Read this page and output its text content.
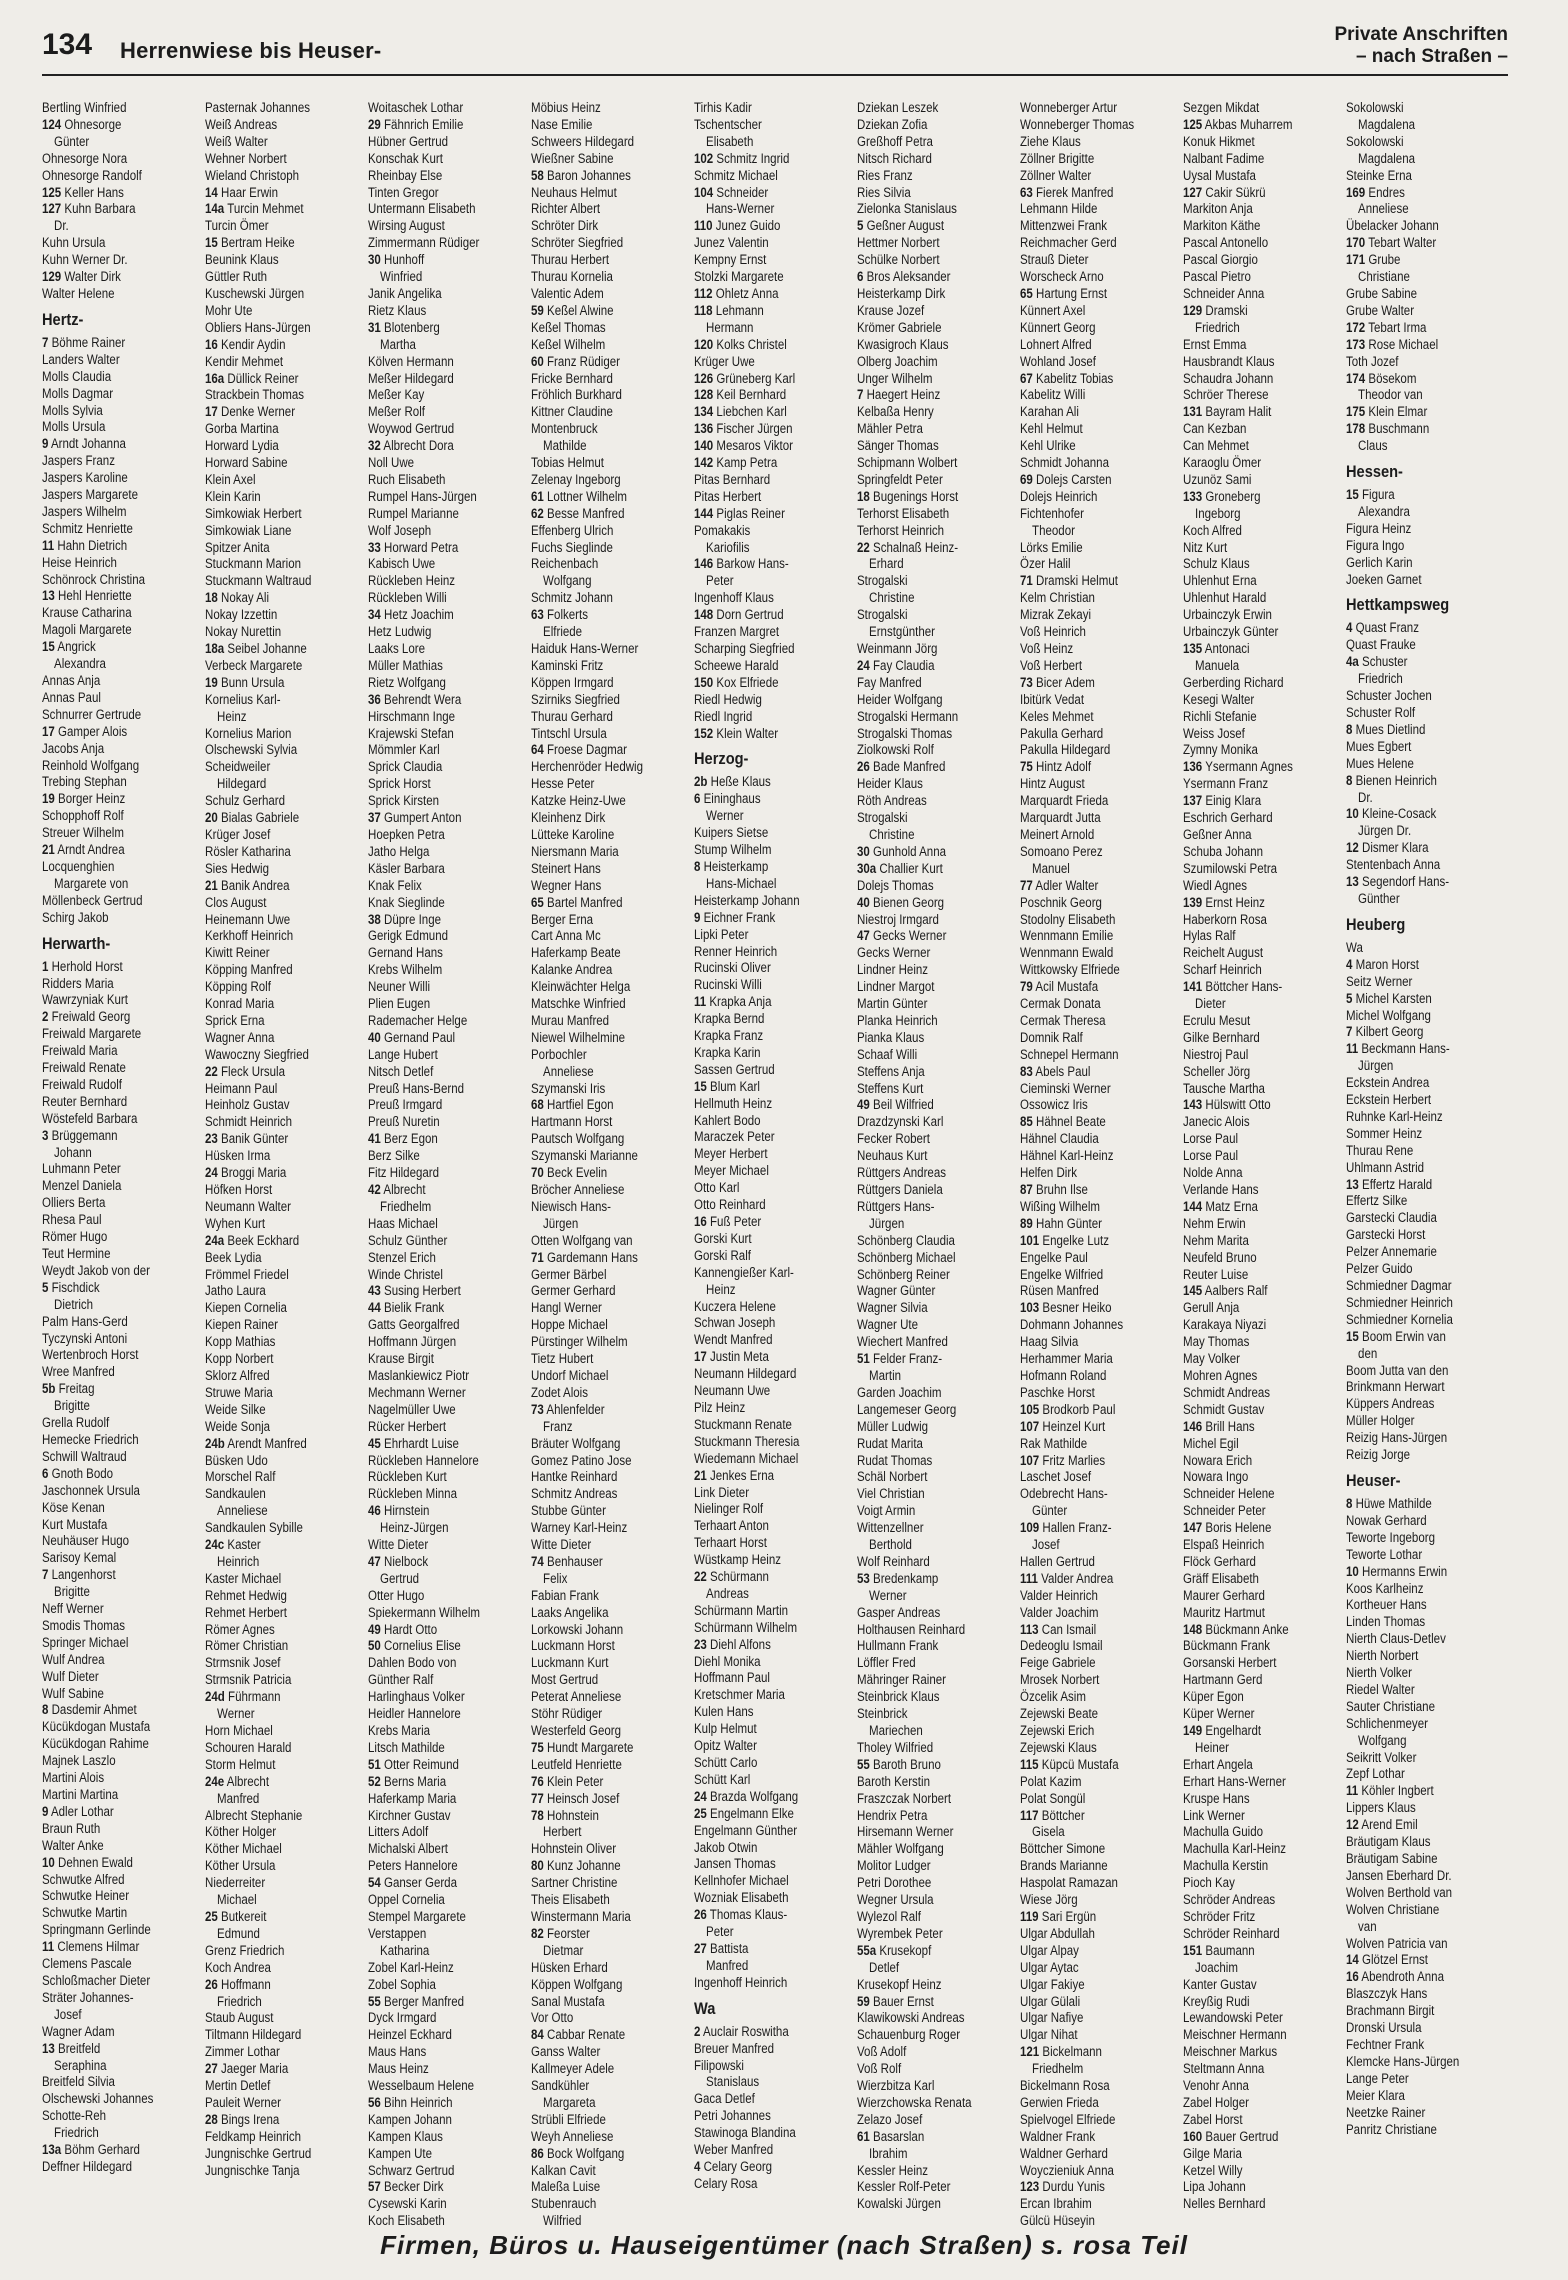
134 Herrenwiese bis Heuser-
Private Anschriften
– nach Straßen –
Bertling Winfried
124 Ohnesorge
Günter
Ohnesorge Nora
Ohnesorge Randolf
125 Keller Hans
127 Kuhn Barbara
Dr.
Kuhn Ursula
Kuhn Werner Dr.
129 Walter Dirk
Walter Helene
Hertz-
7 Böhme Rainer
Landers Walter
Molls Claudia
Molls Dagmar
Molls Sylvia
Molls Ursula
9 Arndt Johanna
Jaspers Franz
Jaspers Karoline
Jaspers Margarete
Jaspers Wilhelm
Schmitz Henriette
11 Hahn Dietrich
Heise Heinrich
Schönrock Christina
13 Hehl Henriette
Krause Catharina
Magoli Margarete
15 Angrick
Alexandra
Annas Anja
Annas Paul
Schnurrer Gertrude
17 Gamper Alois
Jacobs Anja
Reinhold Wolfgang
Trebing Stephan
19 Borger Heinz
Schopphoff Rolf
Streuer Wilhelm
21 Arndt Andrea
Locquenghien
Margarete von
Möllenbeck Gertrud
Schirg Jakob
Herwarth-
1 Herhold Horst
Ridders Maria
Wawrzyniak Kurt
2 Freiwald Georg
Freiwald Margarete
Freiwald Maria
Freiwald Renate
Freiwald Rudolf
Reuter Bernhard
Wöstefeld Barbara
3 Brüggemann
Johann
Luhmann Peter
Menzel Daniela
Olliers Berta
Rhesa Paul
Römer Hugo
Teut Hermine
Weydt Jakob von der
5 Fischdick
Dietrich
Palm Hans-Gerd
Tyczynski Antoni
Wertenbroch Horst
Wree Manfred
5b Freitag
Brigitte
Grella Rudolf
Hemecke Friedrich
Schwill Waltraud
6 Gnoth Bodo
Jaschonnek Ursula
Köse Kenan
Kurt Mustafa
Neuhäuser Hugo
Sarisoy Kemal
7 Langenhorst
Brigitte
Neff Werner
Smodis Thomas
Springer Michael
Wulf Andrea
Wulf Dieter
Wulf Sabine
8 Dasdemir Ahmet
Kücükdogan Mustafa
Kücükdogan Rahime
Majnek Laszlo
Martini Alois
Martini Martina
9 Adler Lothar
Braun Ruth
Walter Anke
10 Dehnen Ewald
Schwutke Alfred
Schwutke Heiner
Schwutke Martin
Springmann Gerlinde
11 Clemens Hilmar
Clemens Pascale
Schloßmacher Dieter
Sträter Johannes-
Josef
Wagner Adam
13 Breitfeld
Seraphina
Breitfeld Silvia
Olschewski Johannes
Schotte-Reh
Friedrich
13a Böhm Gerhard
Deffner Hildegard
Pasternak Johannes
Weiß Andreas
Weiß Walter
Wehner Norbert
Wieland Christoph
14 Haar Erwin
14a Turcin Mehmet
Turcin Ömer
15 Bertram Heike
Beunink Klaus
Güttler Ruth
Kuschewski Jürgen
Mohr Ute
Obliers Hans-Jürgen
16 Kendir Aydin
Kendir Mehmet
16a Düllick Reiner
Strackbein Thomas
17 Denke Werner
Gorba Martina
Horward Lydia
Horward Sabine
Klein Axel
Klein Karin
Simkowiak Herbert
Simkowiak Liane
Spitzer Anita
Stuckmann Marion
Stuckmann Waltraud
18 Nokay Ali
Nokay Izzettin
Nokay Nurettin
18a Seibel Johanne
Verbeck Margarete
19 Bunn Ursula
Kornelius Karl-
Heinz
Kornelius Marion
Olschewski Sylvia
Scheidweiler
Hildegard
Schulz Gerhard
20 Bialas Gabriele
Krüger Josef
Rösler Katharina
Sies Hedwig
21 Banik Andrea
Clos August
Heinemann Uwe
Kerkhoff Heinrich
Kiwitt Reiner
Köpping Manfred
Köpping Rolf
Konrad Maria
Sprick Erna
Wagner Anna
Wawoczny Siegfried
22 Fleck Ursula
Heimann Paul
Heinholz Gustav
Schmidt Heinrich
23 Banik Günter
Hüsken Irma
24 Broggi Maria
Höfken Horst
Neumann Walter
Wyhen Kurt
24a Beek Eckhard
Beek Lydia
Frömmel Friedel
Jatho Laura
Kiepen Cornelia
Kiepen Rainer
Kopp Mathias
Kopp Norbert
Sklorz Alfred
Struwe Maria
Weide Silke
Weide Sonja
24b Arendt Manfred
Büsken Udo
Morschel Ralf
Sandkaulen
Anneliese
Sandkaulen Sybille
24c Kaster
Heinrich
Kaster Michael
Rehmet Hedwig
Rehmet Herbert
Römer Agnes
Römer Christian
Strmsnik Josef
Strmsnik Patricia
24d Führmann
Werner
Horn Michael
Schouren Harald
Storm Helmut
24e Albrecht
Manfred
Albrecht Stephanie
Köther Holger
Köther Michael
Köther Ursula
Niederreiter
Michael
25 Butkereit
Edmund
Grenz Friedrich
Koch Andrea
26 Hoffmann
Friedrich
Staub August
Tiltmann Hildegard
Zimmer Lothar
27 Jaeger Maria
Mertin Detlef
Pauleit Werner
28 Bings Irena
Feldkamp Heinrich
Jungnischke Gertrud
Jungnischke Tanja
Woitaschek Lothar
29 Fähnrich Emilie
Hübner Gertrud
Konschak Kurt
Rheinbay Else
Tinten Gregor
Untermann Elisabeth
Wirsing August
Zimmermann Rüdiger
30 Hunhoff
Winfried
Janik Angelika
Rietz Klaus
31 Blotenberg
Martha
Kölven Hermann
Meßer Hildegard
Meßer Kay
Meßer Rolf
Woywod Gertrud
32 Albrecht Dora
Noll Uwe
Ruch Elisabeth
Rumpel Hans-Jürgen
Rumpel Marianne
Wolf Joseph
33 Horward Petra
Kabisch Uwe
Rückleben Heinz
Rückleben Willi
34 Hetz Joachim
Hetz Ludwig
Laaks Lore
Müller Mathias
Rietz Wolfgang
36 Behrendt Wera
Hirschmann Inge
Krajewski Stefan
Mömmler Karl
Sprick Claudia
Sprick Horst
Sprick Kirsten
37 Gumpert Anton
Hoepken Petra
Jatho Helga
Käsler Barbara
Knak Felix
Knak Sieglinde
38 Düpre Inge
Gerigk Edmund
Gernand Hans
Krebs Wilhelm
Neuner Willi
Plien Eugen
Rademacher Helge
40 Gernand Paul
Lange Hubert
Nitsch Detlef
Preuß Hans-Bernd
Preuß Irmgard
Preuß Nuretin
41 Berz Egon
Berz Silke
Fitz Hildegard
42 Albrecht
Friedhelm
Haas Michael
Schulz Günther
Stenzel Erich
Winde Christel
43 Susing Herbert
44 Bielik Frank
Gatts Georgalfred
Hoffmann Jürgen
Krause Birgit
Maslankiewicz Piotr
Mechmann Werner
Nagelmüller Uwe
Rücker Herbert
45 Ehrhardt Luise
Rückleben Hannelore
Rückleben Kurt
Rückleben Minna
46 Hirnstein
Heinz-Jürgen
Witte Dieter
47 Nielbock
Gertrud
Otter Hugo
Spiekermann Wilhelm
49 Hardt Otto
50 Cornelius Elise
Dahlen Bodo von
Günther Ralf
Harlinghaus Volker
Heidler Hannelore
Krebs Maria
Litsch Mathilde
51 Otter Reimund
52 Berns Maria
Haferkamp Maria
Kirchner Gustav
Litters Adolf
Michalski Albert
Peters Hannelore
54 Ganser Gerda
Oppel Cornelia
Stempel Margarete
Verstappen
Katharina
Zobel Karl-Heinz
Zobel Sophia
55 Berger Manfred
Dyck Irmgard
Heinzel Eckhard
Maus Hans
Maus Heinz
Wesselbaum Helene
56 Bihn Heinrich
Kampen Johann
Kampen Klaus
Kampen Ute
Schwarz Gertrud
57 Becker Dirk
Cysewski Karin
Koch Elisabeth
Möbius Heinz
Nase Emilie
Schweers Hildegard
Wießner Sabine
58 Baron Johannes
Neuhaus Helmut
Richter Albert
Schröter Dirk
Schröter Siegfried
Thurau Herbert
Thurau Kornelia
Valentic Adem
59 Keßel Alwine
Keßel Thomas
Keßel Wilhelm
60 Franz Rüdiger
Fricke Bernhard
Fröhlich Burkhard
Kittner Claudine
Montenbruck
Mathilde
Tobias Helmut
Zelenay Ingeborg
61 Lottner Wilhelm
62 Besse Manfred
Effenberg Ulrich
Fuchs Sieglinde
Reichenbach
Wolfgang
Schmitz Johann
63 Folkerts
Elfriede
Haiduk Hans-Werner
Kaminski Fritz
Köppen Irmgard
Szirniks Siegfried
Thurau Gerhard
Tintschl Ursula
64 Froese Dagmar
Herchenröder Hedwig
Hesse Peter
Katzke Heinz-Uwe
Kleinhenz Dirk
Lütteke Karoline
Niersmann Maria
Steinert Hans
Wegner Hans
65 Bartel Manfred
Berger Erna
Cart Anna Mc
Haferkamp Beate
Kalanke Andrea
Kleinwächter Helga
Matschke Winfried
Murau Manfred
Niewel Wilhelmine
Porbochler
Anneliese
Szymanski Iris
68 Hartfiel Egon
Hartmann Horst
Pautsch Wolfgang
Szymanski Marianne
70 Beck Evelin
Bröcher Anneliese
Niewisch Hans-
Jürgen
Otten Wolfgang van
71 Gardemann Hans
Germer Bärbel
Germer Gerhard
Hangl Werner
Hoppe Michael
Pürstinger Wilhelm
Tietz Hubert
Undorf Michael
Zodet Alois
73 Ahlenfelder
Franz
Bräuter Wolfgang
Gomez Patino Jose
Hantke Reinhard
Schmitz Andreas
Stubbe Günter
Warney Karl-Heinz
Witte Dieter
74 Benhauser
Felix
Fabian Frank
Laaks Angelika
Lorkowski Johann
Luckmann Horst
Luckmann Kurt
Most Gertrud
Peterat Anneliese
Stöhr Rüdiger
Westerfeld Georg
75 Hundt Margarete
Leutfeld Henriette
76 Klein Peter
77 Heinsch Josef
78 Hohnstein
Herbert
Hohnstein Oliver
80 Kunz Johanne
Sartner Christine
Theis Elisabeth
Winstermann Maria
82 Feorster
Dietmar
Hüsken Erhard
Köppen Wolfgang
Sanal Mustafa
Vor Otto
84 Cabbar Renate
Ganss Walter
Kallmeyer Adele
Sandkühler
Margareta
Strübli Elfriede
Weyh Anneliese
86 Bock Wolfgang
Kalkan Cavit
Maleßa Luise
Stubenrauch
Wilfried
Tirhis Kadir
Tschentscher
Elisabeth
102 Schmitz Ingrid
Schmitz Michael
104 Schneider
Hans-Werner
110 Junez Guido
Junez Valentin
Kempny Ernst
Stolzki Margarete
112 Ohletz Anna
118 Lehmann
Hermann
120 Kolks Christel
Krüger Uwe
126 Grüneberg Karl
128 Keil Bernhard
134 Liebchen Karl
136 Fischer Jürgen
140 Mesaros Viktor
142 Kamp Petra
Pitas Bernhard
Pitas Herbert
144 Piglas Reiner
Pomakakis
Kariofilis
146 Barkow Hans-
Peter
Ingenhoff Klaus
148 Dorn Gertrud
Franzen Margret
Scharping Siegfried
Scheewe Harald
150 Kox Elfriede
Riedl Hedwig
Riedl Ingrid
152 Klein Walter
Herzog-
2b Heße Klaus
6 Eininghaus
Werner
Kuipers Sietse
Stump Wilhelm
8 Heisterkamp
Hans-Michael
Heisterkamp Johann
9 Eichner Frank
Lipki Peter
Renner Heinrich
Rucinski Oliver
Rucinski Willi
11 Krapka Anja
Krapka Bernd
Krapka Franz
Krapka Karin
Sassen Gertrud
15 Blum Karl
Hellmuth Heinz
Kahlert Bodo
Maraczek Peter
Meyer Herbert
Meyer Michael
Otto Karl
Otto Reinhard
16 Fuß Peter
Gorski Kurt
Gorski Ralf
Kannengießer Karl-
Heinz
Kuczera Helene
Schwan Joseph
Wendt Manfred
17 Justin Meta
Neumann Hildegard
Neumann Uwe
Pilz Heinz
Stuckmann Renate
Stuckmann Theresia
Wiedemann Michael
21 Jenkes Erna
Link Dieter
Nielinger Rolf
Terhaart Anton
Terhaart Horst
Wüstkamp Heinz
22 Schürmann
Andreas
Schürmann Martin
Schürmann Wilhelm
23 Diehl Alfons
Diehl Monika
Hoffmann Paul
Kretschmer Maria
Kulen Hans
Kulp Helmut
Opitz Walter
Schütt Carlo
Schütt Karl
24 Brazda Wolfgang
25 Engelmann Elke
Engelmann Günther
Jakob Otwin
Jansen Thomas
Kellnhofer Michael
Wozniak Elisabeth
26 Thomas Klaus-
Peter
27 Battista
Manfred
Ingenhoff Heinrich
Wa
2 Auclair Roswitha
Breuer Manfred
Filipowski
Stanislaus
Gaca Detlef
Petri Johannes
Stawinoga Blandina
Weber Manfred
4 Celary Georg
Celary Rosa
Dziekan Leszek
Dziekan Zofia
Greßhoff Petra
Nitsch Richard
Ries Franz
Ries Silvia
Zielonka Stanislaus
5 Geßner August
Hettmer Norbert
Schülke Norbert
6 Bros Aleksander
Heisterkamp Dirk
Krause Jozef
Krömer Gabriele
Kwasigroch Klaus
Olberg Joachim
Unger Wilhelm
7 Haegert Heinz
Kelbaßa Henry
Mähler Petra
Sänger Thomas
Schipmann Wolbert
Springfeldt Peter
18 Bugenings Horst
Terhorst Elisabeth
Terhorst Heinrich
22 Schalnaß Heinz-
Erhard
Strogalski
Christine
Strogalski
Ernstgünther
Weinmann Jörg
24 Fay Claudia
Fay Manfred
Heider Wolfgang
Strogalski Hermann
Strogalski Thomas
Ziolkowski Rolf
26 Bade Manfred
Heider Klaus
Röth Andreas
Strogalski
Christine
30 Gunhold Anna
30a Challier Kurt
Dolejs Thomas
40 Bienen Georg
Niestroj Irmgard
47 Gecks Werner
Gecks Werner
Lindner Heinz
Lindner Margot
Martin Günter
Planka Heinrich
Pianka Klaus
Schaaf Willi
Steffens Anja
Steffens Kurt
49 Beil Wilfried
Drazdzynski Karl
Fecker Robert
Neuhaus Kurt
Rüttgers Andreas
Rüttgers Daniela
Rüttgers Hans-
Jürgen
Schönberg Claudia
Schönberg Michael
Schönberg Reiner
Wagner Günter
Wagner Silvia
Wagner Ute
Wiechert Manfred
51 Felder Franz-
Martin
Garden Joachim
Langemeser Georg
Müller Ludwig
Rudat Marita
Rudat Thomas
Schäl Norbert
Viel Christian
Voigt Armin
Wittenzellner
Berthold
Wolf Reinhard
53 Bredenkamp
Werner
Gasper Andreas
Holthausen Reinhard
Hullmann Frank
Löffler Fred
Mähringer Rainer
Steinbrick Klaus
Steinbrick
Mariechen
Tholey Wilfried
55 Baroth Bruno
Baroth Kerstin
Fraszczak Norbert
Hendrix Petra
Hirsemann Werner
Mähler Wolfgang
Molitor Ludger
Petri Dorothee
Wegner Ursula
Wylezol Ralf
Wyrembek Peter
55a Krusekopf
Detlef
Krusekopf Heinz
59 Bauer Ernst
Klawikowski Andreas
Schauenburg Roger
Voß Adolf
Voß Rolf
Wierzbitza Karl
Wierzchowska Renata
Zelazo Josef
61 Basarslan
Ibrahim
Kessler Heinz
Kessler Rolf-Peter
Kowalski Jürgen
Wonneberger Artur
Wonneberger Thomas
Ziehe Klaus
Zöllner Brigitte
Zöllner Walter
63 Fierek Manfred
Lehmann Hilde
Mittenzwei Frank
Reichmacher Gerd
Strauß Dieter
Worscheck Arno
65 Hartung Ernst
Künnert Axel
Künnert Georg
Lohnert Alfred
Wohland Josef
67 Kabelitz Tobias
Kabelitz Willi
Karahan Ali
Kehl Helmut
Kehl Ulrike
Schmidt Johanna
69 Dolejs Carsten
Dolejs Heinrich
Fichtenhofer
Theodor
Lörks Emilie
Özer Halil
71 Dramski Helmut
Kelm Christian
Mizrak Zekayi
Voß Heinrich
Voß Heinz
Voß Herbert
73 Bicer Adem
Ibitürk Vedat
Keles Mehmet
Pakulla Gerhard
Pakulla Hildegard
75 Hintz Adolf
Hintz August
Marquardt Frieda
Marquardt Jutta
Meinert Arnold
Somoano Perez
Manuel
77 Adler Walter
Poschnik Georg
Stodolny Elisabeth
Wennmann Emilie
Wennmann Ewald
Wittkowsky Elfriede
79 Acil Mustafa
Cermak Donata
Cermak Theresa
Domnik Ralf
Schnepel Hermann
83 Abels Paul
Cieminski Werner
Ossowicz Iris
85 Hähnel Beate
Hähnel Claudia
Hähnel Karl-Heinz
Helfen Dirk
87 Bruhn Ilse
Wißing Wilhelm
89 Hahn Günter
101 Engelke Lutz
Engelke Paul
Engelke Wilfried
Rüsen Manfred
103 Besner Heiko
Dohmann Johannes
Haag Silvia
Herhammer Maria
Hofmann Roland
Paschke Horst
105 Brodkorb Paul
107 Heinzel Kurt
Rak Mathilde
107 Fritz Marlies
Laschet Josef
Odebrecht Hans-
Günter
109 Hallen Franz-
Josef
Hallen Gertrud
111 Valder Andrea
Valder Heinrich
Valder Joachim
113 Can Ismail
Dedeoglu Ismail
Feige Gabriele
Mrosek Norbert
Özcelik Asim
Zejewski Beate
Zejewski Erich
Zejewski Klaus
115 Küpcü Mustafa
Polat Kazim
Polat Songül
117 Böttcher
Gisela
Böttcher Simone
Brands Marianne
Haspolat Ramazan
Wiese Jörg
119 Sari Ergün
Ulgar Abdullah
Ulgar Alpay
Ulgar Aytac
Ulgar Fakiye
Ulgar Gülali
Ulgar Nafiye
Ulgar Nihat
121 Bickelmann
Friedhelm
Bickelmann Rosa
Gerwien Frieda
Spielvogel Elfriede
Waldner Frank
Waldner Gerhard
Woyczieniuk Anna
123 Durdu Yunis
Ercan Ibrahim
Gülcü Hüseyin
Sezgen Mikdat
125 Akbas Muharrem
Konuk Hikmet
Nalbant Fadime
Uysal Mustafa
127 Cakir Sükrü
Markiton Anja
Markiton Käthe
Pascal Antonello
Pascal Giorgio
Pascal Pietro
Schneider Anna
129 Dramski
Friedrich
Ernst Emma
Hausbrandt Klaus
Schaudra Johann
Schröer Therese
131 Bayram Halit
Can Kezban
Can Mehmet
Karaoglu Ömer
Uzunöz Sami
133 Groneberg
Ingeborg
Koch Alfred
Nitz Kurt
Schulz Klaus
Uhlenhut Erna
Uhlenhut Harald
Urbainczyk Erwin
Urbainczyk Günter
135 Antonaci
Manuela
Gerberding Richard
Kesegi Walter
Richli Stefanie
Weiss Josef
Zymny Monika
136 Ysermann Agnes
Ysermann Franz
137 Einig Klara
Eschrich Gerhard
Geßner Anna
Schuba Johann
Szumilowski Petra
Wiedl Agnes
139 Ernst Heinz
Haberkorn Rosa
Hylas Ralf
Reichelt August
Scharf Heinrich
141 Böttcher Hans-
Dieter
Ecrulu Mesut
Gilke Bernhard
Niestroj Paul
Scheller Jörg
Tausche Martha
143 Hülswitt Otto
Janecic Alois
Lorse Paul
Lorse Paul
Nolde Anna
Verlande Hans
144 Matz Erna
Nehm Erwin
Nehm Marita
Neufeld Bruno
Reuter Luise
145 Aalbers Ralf
Gerull Anja
Karakaya Niyazi
May Thomas
May Volker
Mohren Agnes
Schmidt Andreas
Schmidt Gustav
146 Brill Hans
Michel Egil
Nowara Erich
Nowara Ingo
Schneider Helene
Schneider Peter
147 Boris Helene
Elspaß Heinrich
Flöck Gerhard
Gräff Elisabeth
Maurer Gerhard
Mauritz Hartmut
148 Bückmann Anke
Bückmann Frank
Gorsanski Herbert
Hartmann Gerd
Küper Egon
Küper Werner
149 Engelhardt
Heiner
Erhart Angela
Erhart Hans-Werner
Kruspe Hans
Link Werner
Machulla Guido
Machulla Karl-Heinz
Machulla Kerstin
Pioch Kay
Schröder Andreas
Schröder Fritz
Schröder Reinhard
151 Baumann
Joachim
Kanter Gustav
Kreyßig Rudi
Lewandowski Peter
Meischner Hermann
Meischner Markus
Steltmann Anna
Venohr Anna
Zabel Holger
Zabel Horst
160 Bauer Gertrud
Gilge Maria
Ketzel Willy
Lipa Johann
Nelles Bernhard
Sokolowski
Magdalena
Sokolowski
Magdalena
Steinke Erna
169 Endres
Anneliese
Übelacker Johann
170 Tebart Walter
171 Grube
Christiane
Grube Sabine
Grube Walter
172 Tebart Irma
173 Rose Michael
Toth Jozef
174 Bösekom
Theodor van
175 Klein Elmar
178 Buschmann
Claus
Hessen-
15 Figura
Alexandra
Figura Heinz
Figura Ingo
Gerlich Karin
Joeken Garnet
Hettkampsweg
4 Quast Franz
Quast Frauke
4a Schuster
Friedrich
Schuster Jochen
Schuster Rolf
8 Mues Dietlind
Mues Egbert
Mues Helene
8 Bienen Heinrich
Dr.
10 Kleine-Cosack
Jürgen Dr.
12 Dismer Klara
Stentenbach Anna
13 Segendorf Hans-
Günther
Heuberg
Wa
4 Maron Horst
Seitz Werner
5 Michel Karsten
Michel Wolfgang
7 Kilbert Georg
11 Beckmann Hans-
Jürgen
Eckstein Andrea
Eckstein Herbert
Ruhnke Karl-Heinz
Sommer Heinz
Thurau Rene
Uhlmann Astrid
13 Effertz Harald
Effertz Silke
Garstecki Claudia
Garstecki Horst
Pelzer Annemarie
Pelzer Guido
Schmiedner Dagmar
Schmiedner Heinrich
Schmiedner Kornelia
15 Boom Erwin van
den
Boom Jutta van den
Brinkmann Herwart
Küppers Andreas
Müller Holger
Reizig Hans-Jürgen
Reizig Jorge
Heuser-
8 Hüwe Mathilde
Nowak Gerhard
Teworte Ingeborg
Teworte Lothar
10 Hermanns Erwin
Koos Karlheinz
Kortheuer Hans
Linden Thomas
Nierth Claus-Detlev
Nierth Norbert
Nierth Volker
Riedel Walter
Sauter Christiane
Schlichenmeyer
Wolfgang
Seikritt Volker
Zepf Lothar
11 Köhler Ingbert
Lippers Klaus
12 Arend Emil
Bräutigam Klaus
Bräutigam Sabine
Jansen Eberhard Dr.
Wolven Berthold van
Wolven Christiane
van
Wolven Patricia van
14 Glötzel Ernst
16 Abendroth Anna
Blaszczyk Hans
Brachmann Birgit
Dronski Ursula
Fechtner Frank
Klemcke Hans-Jürgen
Lange Peter
Meier Klara
Neetzke Rainer
Panritz Christiane
Firmen, Büros u. Hauseigentümer (nach Straßen) s. rosa Teil
